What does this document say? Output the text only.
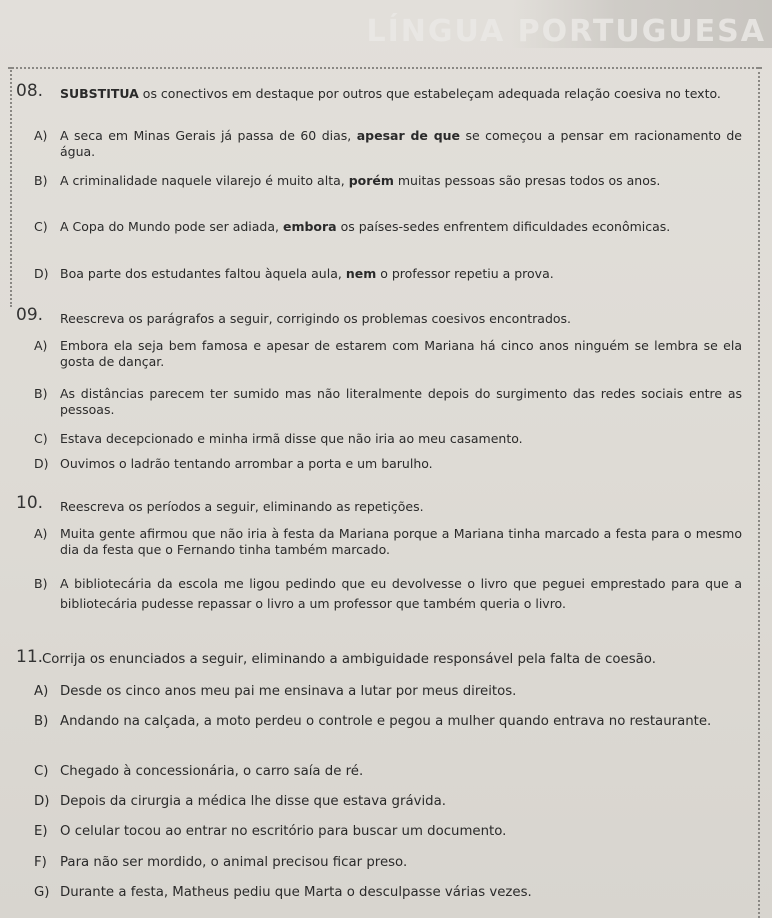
LÍNGUA PORTUGUESA
08. SUBSTITUA os conectivos em destaque por outros que estabeleçam adequada relação coesiva no texto.
A) A seca em Minas Gerais já passa de 60 dias, apesar de que se começou a pensar em racionamento de água.
B) A criminalidade naquele vilarejo é muito alta, porém muitas pessoas são presas todos os anos.
C) A Copa do Mundo pode ser adiada, embora os países-sedes enfrentem dificuldades econômicas.
D) Boa parte dos estudantes faltou àquela aula, nem o professor repetiu a prova.
09. Reescreva os parágrafos a seguir, corrigindo os problemas coesivos encontrados.
A) Embora ela seja bem famosa e apesar de estarem com Mariana há cinco anos ninguém se lembra se ela gosta de dançar.
B) As distâncias parecem ter sumido mas não literalmente depois do surgimento das redes sociais entre as pessoas.
C) Estava decepcionado e minha irmã disse que não iria ao meu casamento.
D) Ouvimos o ladrão tentando arrombar a porta e um barulho.
10. Reescreva os períodos a seguir, eliminando as repetições.
A) Muita gente afirmou que não iria à festa da Mariana porque a Mariana tinha marcado a festa para o mesmo dia da festa que o Fernando tinha também marcado.
B) A bibliotecária da escola me ligou pedindo que eu devolvesse o livro que peguei emprestado para que a bibliotecária pudesse repassar o livro a um professor que também queria o livro.
11.
Corrija os enunciados a seguir, eliminando a ambiguidade responsável pela falta de coesão.
A) Desde os cinco anos meu pai me ensinava a lutar por meus direitos.
B) Andando na calçada, a moto perdeu o controle e pegou a mulher quando entrava no restaurante.
C) Chegado à concessionária, o carro saía de ré.
D) Depois da cirurgia a médica lhe disse que estava grávida.
E) O celular tocou ao entrar no escritório para buscar um documento.
F) Para não ser mordido, o animal precisou ficar preso.
G) Durante a festa, Matheus pediu que Marta o desculpasse várias vezes.
